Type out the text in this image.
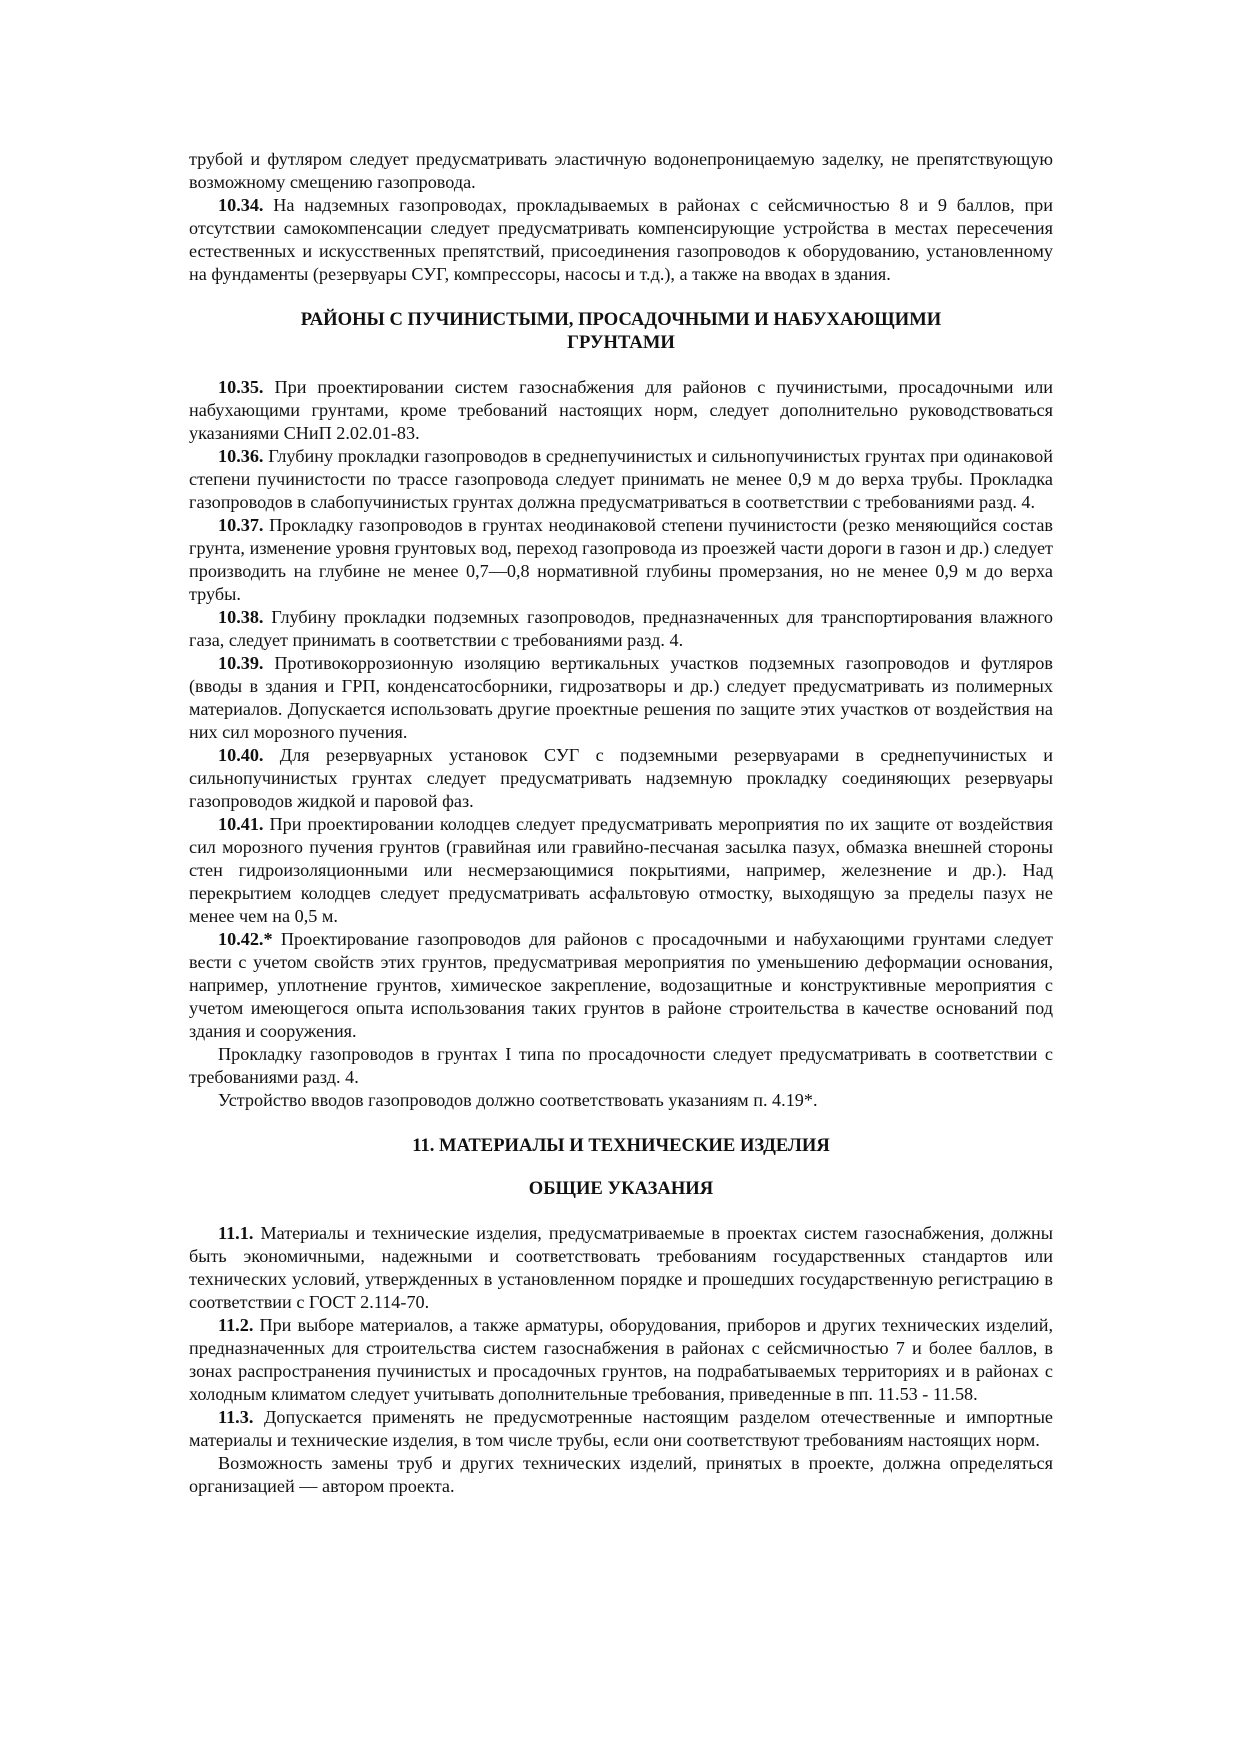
трубой и футляром следует предусматривать эластичную водонепроницаемую заделку, не препятствующую возможному смещению газопровода.

10.34. На надземных газопроводах, прокладываемых в районах с сейсмичностью 8 и 9 баллов, при отсутствии самокомпенсации следует предусматривать компенсирующие устройства в местах пересечения естественных и искусственных препятствий, присоединения газопроводов к оборудованию, установленному на фундаменты (резервуары СУГ, компрессоры, насосы и т.д.), а также на вводах в здания.

РАЙОНЫ С ПУЧИНИСТЫМИ, ПРОСАДОЧНЫМИ И НАБУХАЮЩИМИ ГРУНТАМИ

10.35. При проектировании систем газоснабжения для районов с пучинистыми, просадочными или набухающими грунтами, кроме требований настоящих норм, следует дополнительно руководствоваться указаниями СНиП 2.02.01-83.

10.36. Глубину прокладки газопроводов в среднепучинистых и сильнопучинистых грунтах при одинаковой степени пучинистости по трассе газопровода следует принимать не менее 0,9 м до верха трубы. Прокладка газопроводов в слабопучинистых грунтах должна предусматриваться в соответствии с требованиями разд. 4.

10.37. Прокладку газопроводов в грунтах неодинаковой степени пучинистости (резко меняющийся состав грунта, изменение уровня грунтовых вод, переход газопровода из проезжей части дороги в газон и др.) следует производить на глубине не менее 0,7—0,8 нормативной глубины промерзания, но не менее 0,9 м до верха трубы.

10.38. Глубину прокладки подземных газопроводов, предназначенных для транспортирования влажного газа, следует принимать в соответствии с требованиями разд. 4.

10.39. Противокоррозионную изоляцию вертикальных участков подземных газопроводов и футляров (вводы в здания и ГРП, конденсатосборники, гидрозатворы и др.) следует предусматривать из полимерных материалов. Допускается использовать другие проектные решения по защите этих участков от воздействия на них сил морозного пучения.

10.40. Для резервуарных установок СУГ с подземными резервуарами в среднепучинистых и сильнопучинистых грунтах следует предусматривать надземную прокладку соединяющих резервуары газопроводов жидкой и паровой фаз.

10.41. При проектировании колодцев следует предусматривать мероприятия по их защите от воздействия сил морозного пучения грунтов (гравийная или гравийно-песчаная засылка пазух, обмазка внешней стороны стен гидроизоляционными или несмерзающимися покрытиями, например, железнение и др.). Над перекрытием колодцев следует предусматривать асфальтовую отмостку, выходящую за пределы пазух не менее чем на 0,5 м.

10.42.* Проектирование газопроводов для районов с просадочными и набухающими грунтами следует вести с учетом свойств этих грунтов, предусматривая мероприятия по уменьшению деформации основания, например, уплотнение грунтов, химическое закрепление, водозащитные и конструктивные мероприятия с учетом имеющегося опыта использования таких грунтов в районе строительства в качестве оснований под здания и сооружения.

Прокладку газопроводов в грунтах I типа по просадочности следует предусматривать в соответствии с требованиями разд. 4.

Устройство вводов газопроводов должно соответствовать указаниям п. 4.19*.

11. МАТЕРИАЛЫ И ТЕХНИЧЕСКИЕ ИЗДЕЛИЯ
ОБЩИЕ УКАЗАНИЯ

11.1. Материалы и технические изделия, предусматриваемые в проектах систем газоснабжения, должны быть экономичными, надежными и соответствовать требованиям государственных стандартов или технических условий, утвержденных в установленном порядке и прошедших государственную регистрацию в соответствии с ГОСТ 2.114-70.

11.2. При выборе материалов, а также арматуры, оборудования, приборов и других технических изделий, предназначенных для строительства систем газоснабжения в районах с сейсмичностью 7 и более баллов, в зонах распространения пучинистых и просадочных грунтов, на подрабатываемых территориях и в районах с холодным климатом следует учитывать дополнительные требования, приведенные в пп. 11.53 - 11.58.

11.3. Допускается применять не предусмотренные настоящим разделом отечественные и импортные материалы и технические изделия, в том числе трубы, если они соответствуют требованиям настоящих норм.

Возможность замены труб и других технических изделий, принятых в проекте, должна определяться организацией — автором проекта.
